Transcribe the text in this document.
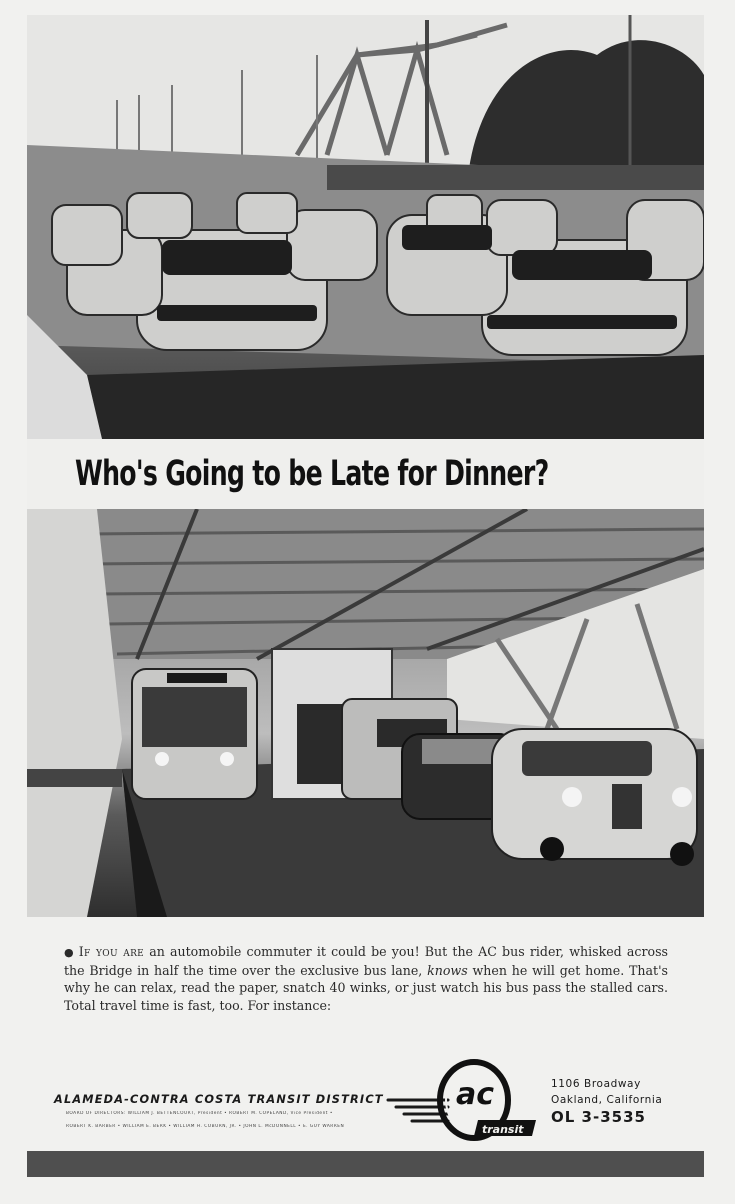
Who's Going to be Late for Dinner?
● If you are an automobile commuter it could be you! But the AC bus rider, whisked across the Bridge in half the time over the exclusive bus lane, knows when he will get home. That's why he can relax, read the paper, snatch 40 winks, or just watch his bus pass the stalled cars. Total travel time is fast, too. For instance:
ALAMEDA-CONTRA COSTA TRANSIT DISTRICT
BOARD OF DIRECTORS: WILLIAM J. BETTENCOURT, President • ROBERT M. COPELAND, Vice President •
ROBERT K. BARBER • WILLIAM E. BERK • WILLIAM H. COBURN, JR. • JOHN L. McDONNELL • E. GUY WARREN
ac
transit
1106 Broadway
Oakland, California
OL 3-3535
